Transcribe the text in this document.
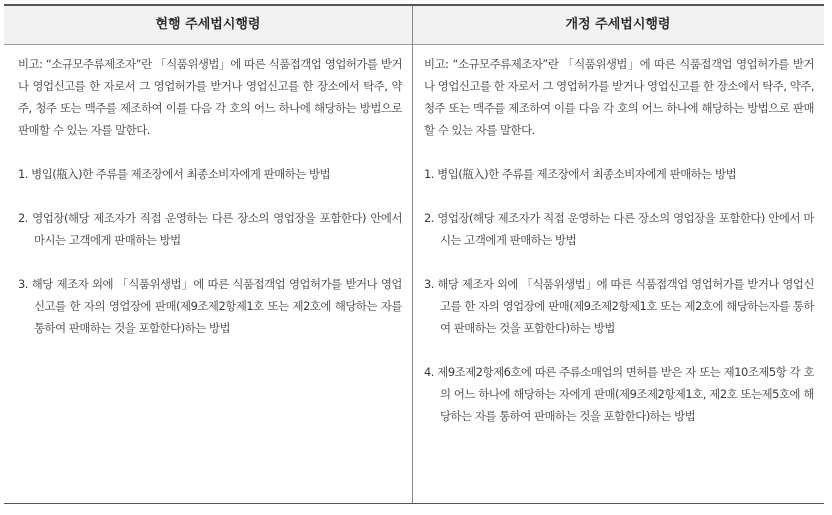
현행 주세법시행령	개정 주세법시행령

비고: “소규모주류제조자”란 「식품위생법」에 따른 식품접객업 영업허가를 받거나 영업신고를 한 자로서 그 영업허가를 받거나 영업신고를 한 장소에서 탁주, 약주, 청주 또는 맥주를 제조하여 이를 다음 각 호의 어느 하나에 해당하는 방법으로 판매할 수 있는 자를 말한다.

1. 병입(甁入)한 주류를 제조장에서 최종소비자에게 판매하는 방법

2. 영업장(해당 제조자가 직접 운영하는 다른 장소의 영업장을 포함한다) 안에서 마시는 고객에게 판매하는 방법

3. 해당 제조자 외에 「식품위생법」에 따른 식품접객업 영업허가를 받거나 영업신고를 한 자의 영업장에 판매(제9조제2항제1호 또는 제2호에 해당하는 자를 통하여 판매하는 것을 포함한다)하는 방법

비고: “소규모주류제조자”란 「식품위생법」에 따른 식품접객업 영업허가를 받거나 영업신고를 한 자로서 그 영업허가를 받거나 영업신고를 한 장소에서 탁주, 약주, 청주 또는 맥주를 제조하여 이를 다음 각 호의 어느 하나에 해당하는 방법으로 판매할 수 있는 자를 말한다.

1. 병입(甁入)한 주류를 제조장에서 최종소비자에게 판매하는 방법

2. 영업장(해당 제조자가 직접 운영하는 다른 장소의 영업장을 포함한다) 안에서 마시는 고객에게 판매하는 방법

3. 해당 제조자 외에 「식품위생법」에 따른 식품접객업 영업허가를 받거나 영업신고를 한 자의 영업장에 판매(제9조제2항제1호 또는 제2호에 해당하는자를 통하여 판매하는 것을 포함한다)하는 방법

4. 제9조제2항제6호에 따른 주류소매업의 면허를 받은 자 또는 제10조제5항 각 호의 어느 하나에 해당하는 자에게 판매(제9조제2항제1호, 제2호 또는제5호에 해당하는 자를 통하여 판매하는 것을 포함한다)하는 방법
